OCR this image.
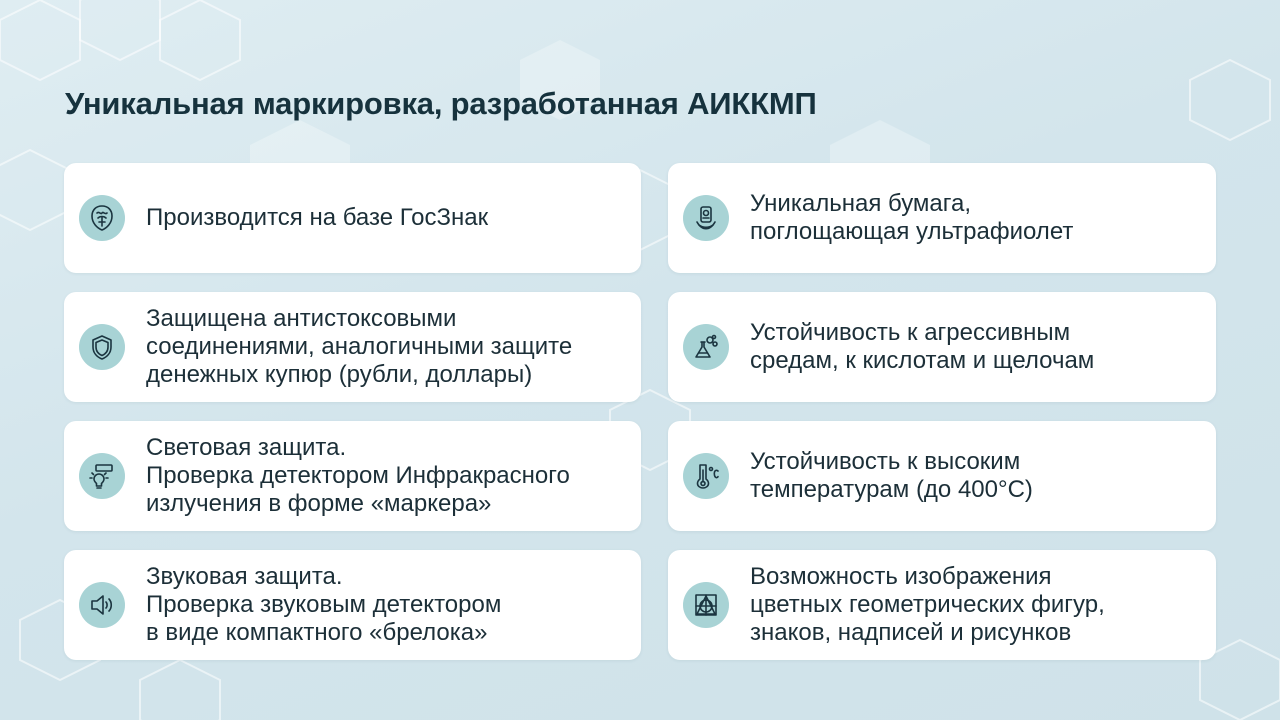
Уникальная маркировка, разработанная АИККМП

Производится на базе ГосЗнак

Уникальная бумага,
поглощающая ультрафиолет

Защищена антистоксовыми
соединениями, аналогичными защите
денежных купюр (рубли, доллары)

Устойчивость к агрессивным
средам, к кислотам и щелочам

Световая защита.
Проверка детектором Инфракрасного
излучения в форме «маркера»

Устойчивость к высоким
температурам (до 400°C)

Звуковая защита.
Проверка звуковым детектором
в виде компактного «брелока»

Возможность изображения
цветных геометрических фигур,
знаков, надписей и рисунков
